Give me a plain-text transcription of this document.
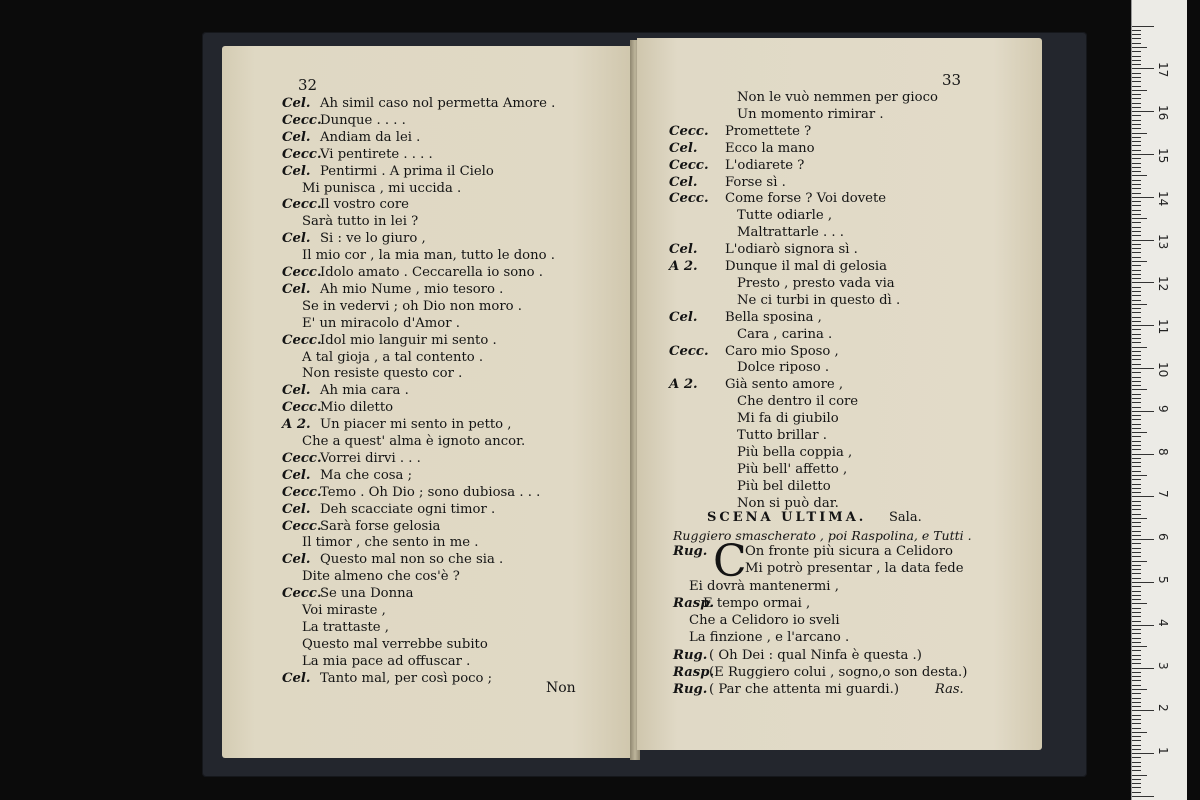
32
Cel. Ah simil caso nol permetta Amore .
Cecc.
Dunque . . . .
Cel. Andiam da lei .
Cecc.
Vi pentirete . . . .
Cel. Pentirmi . A prima il Cielo
Mi punisca , mi uccida .
Cecc.
Il vostro core
Sarà tutto in lei ?
Cel. Si : ve lo giuro ,
Il mio cor , la mia man, tutto le dono .
Cecc.
Idolo amato . Ceccarella io sono .
Cel. Ah mio Nume , mio tesoro .
Se in vedervi ; oh Dio non moro .
E' un miracolo d'Amor .
Cecc.
Idol mio languir mi sento .
A tal gioja , a tal contento .
Non resiste questo cor .
Cel. Ah mia cara .
Cecc.
Mio diletto
A 2. Un piacer mi sento in petto ,
Che a quest' alma è ignoto ancor.
Cecc.
Vorrei dirvi . . .
Cel. Ma che cosa ;
Cecc.
Temo . Oh Dio ; sono dubiosa . . .
Cel. Deh scacciate ogni timor .
Cecc.
Sarà forse gelosia
Il timor , che sento in me .
Cel. Questo mal non so che sia .
Dite almeno che cos'è ?
Cecc.
Se una Donna
Voi miraste ,
La trattaste ,
Questo mal verrebbe subito
La mia pace ad offuscar .
Cel. Tanto mal, per così poco ;
Non
33
Non le vuò nemmen per gioco
Un momento rimirar .
Cecc. Promettete ?
Cel. Ecco la mano
Cecc. L'odiarete ?
Cel. Forse sì .
Cecc. Come forse ? Voi dovete
Tutte odiarle ,
Maltrattarle . . .
Cel. L'odiarò signora sì .
A 2. Dunque il mal di gelosia
Presto , presto vada via
Ne ci turbi in questo dì .
Cel. Bella sposina ,
Cara , carina .
Cecc. Caro mio Sposo ,
Dolce riposo .
A 2. Già sento amore ,
Che dentro il core
Mi fa di giubilo
Tutto brillar .
Più bella coppia ,
Più bell' affetto ,
Più bel diletto
Non si può dar.
SCENA ULTIMA. Sala.
Ruggiero smascherato , poi Raspolina, e Tutti .
C
Rug.	On fronte più sicura a Celidoro
Mi potrò presentar , la data fede
Ei dovrà mantenermi ,
Rasp.
E tempo ormai ,
Che a Celidoro io sveli
La finzione , e l'arcano .
Rug. ( Oh Dei : qual Ninfa è questa .)
Rasp.
(E Ruggiero colui , sogno,o son desta.)
Rug. ( Par che attenta mi guardi.)	Ras.
17
16
15
14
13
12
11
10
9
8
7
6
5
4
3
2
1
